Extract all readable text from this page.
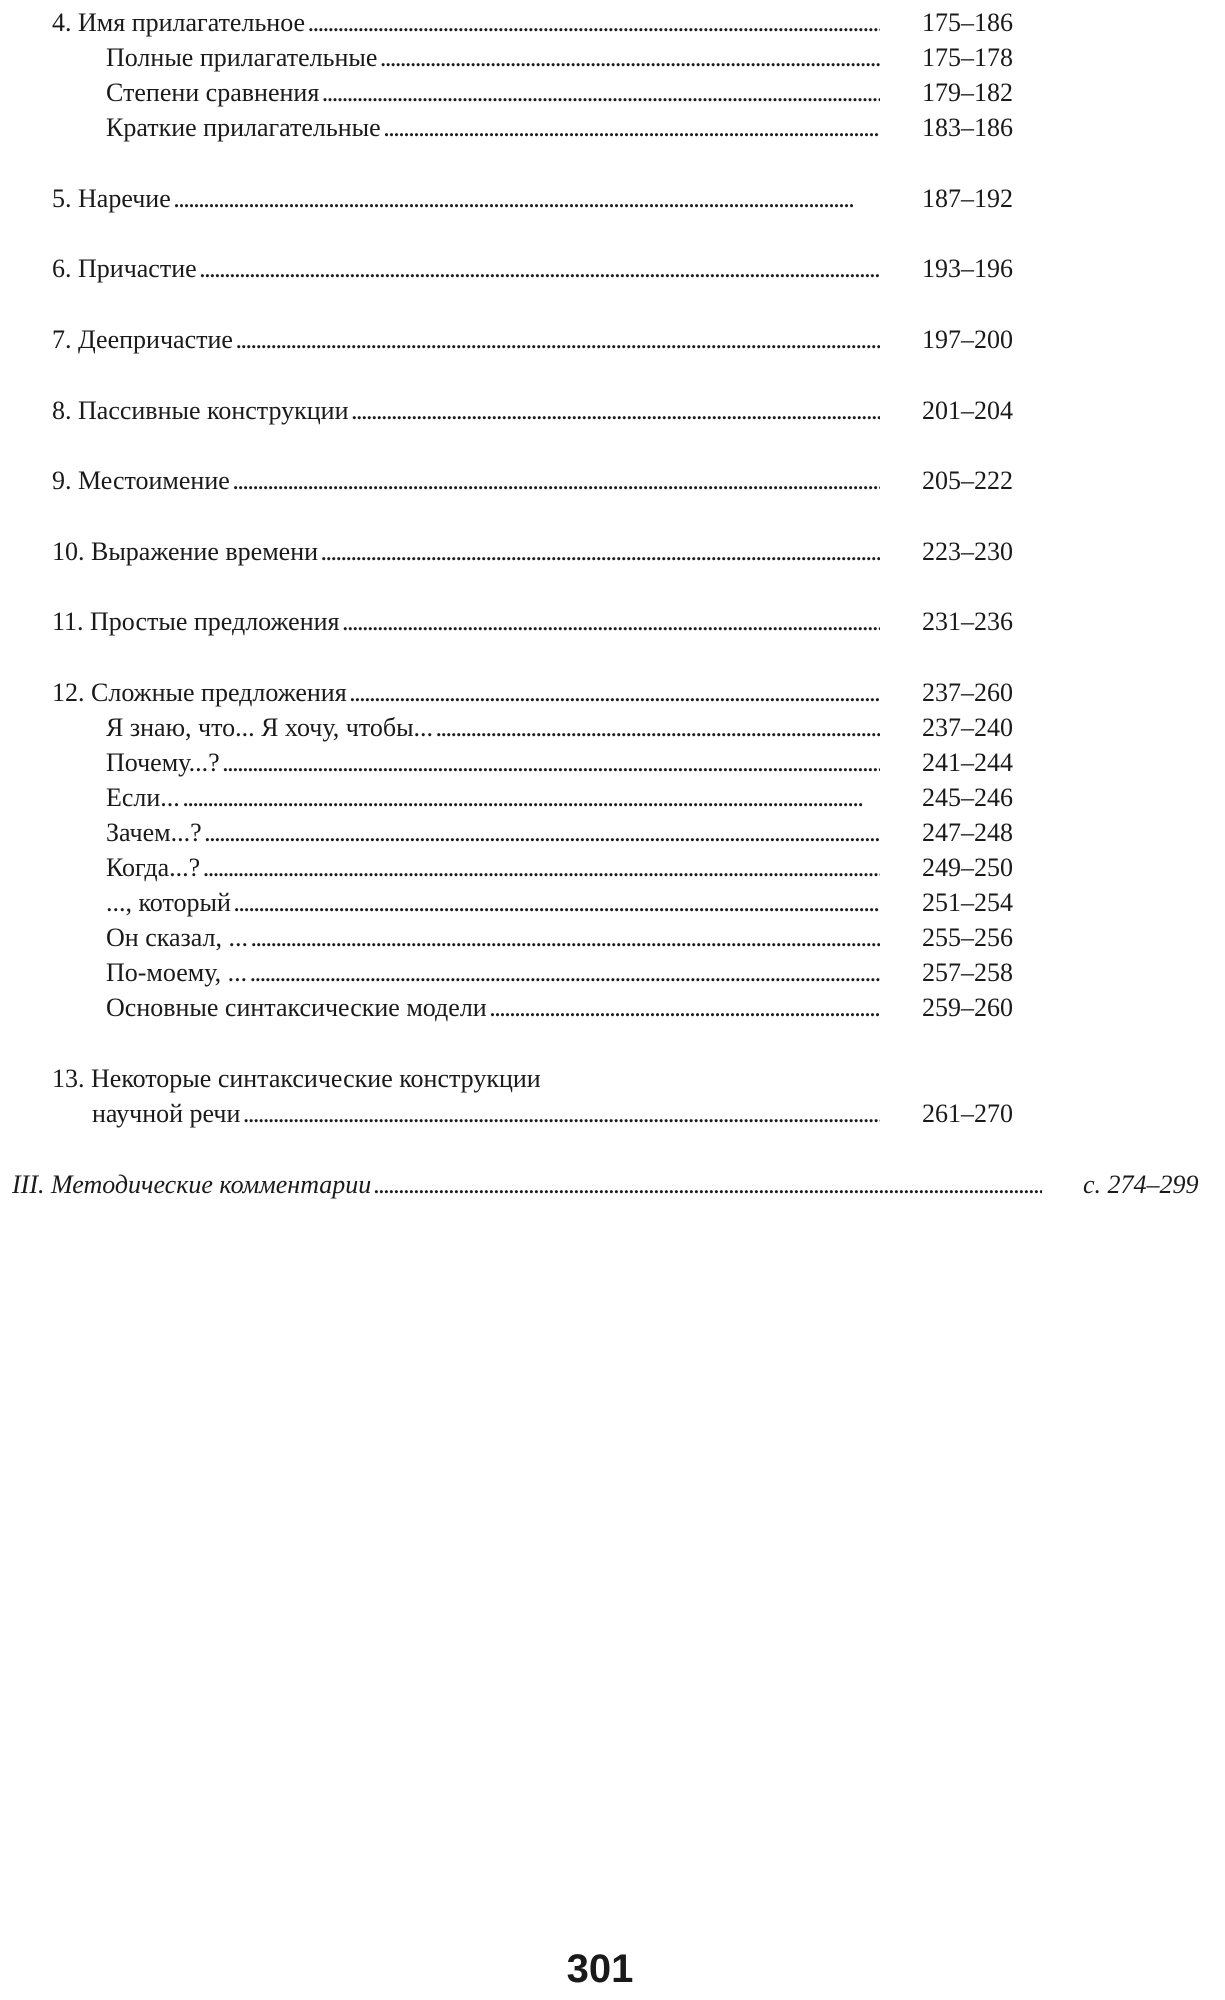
4. Имя прилагательное . . .	175–186
Полные прилагательные . . .	175–178
Степени сравнения . . .	179–182
Краткие прилагательные . . .	183–186
5. Наречие . . .	187–192
6. Причастие . . .	193–196
7. Деепричастие . . .	197–200
8. Пассивные конструкции . . .	201–204
9. Местоимение . . .	205–222
10. Выражение времени . . .	223–230
11. Простые предложения . . .	231–236
12. Сложные предложения . . .	237–260
Я знаю, что... Я хочу, чтобы... . . .	237–240
Почему...? . . .	241–244
Если... . . .	245–246
Зачем...? . . .	247–248
Когда...? . . .	249–250
..., который . . .	251–254
Он сказал, ... . . .	255–256
По-моему, ... . . .	257–258
Основные синтаксические модели . . .	259–260
13. Некоторые синтаксические конструкции
научной речи . . .	261–270
III. Методические комментарии . . .	с. 274–299
301
